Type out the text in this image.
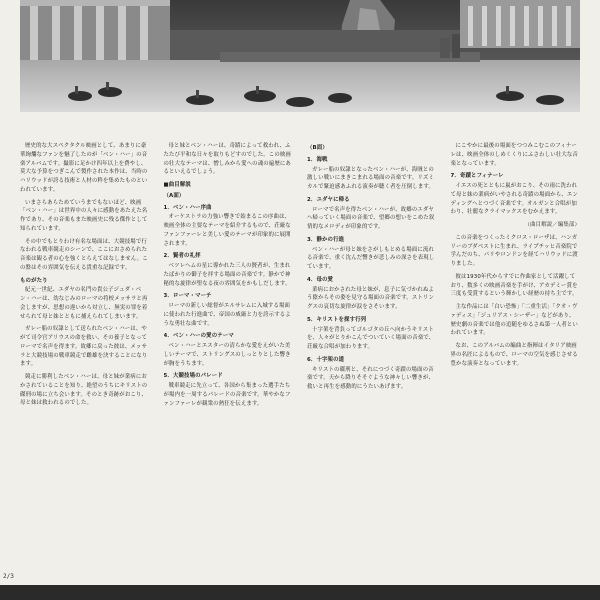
歴史的な大スペクタクル映画として、あまりに豪華絢爛なファンを魅了したのが「ベン・ハー」の音楽アルバムです。撮影に足かけ四年以上を費やし、莫大な予算をつぎこんで製作された本作は、当時のハリウッドが誇る技術と人材の粋を集めたものといわれています。

いまさらあらためていうまでもないほど、映画「ベン・ハー」は世界中の人々に感動をあたえた名作であり、その音楽もまた映画史に残る傑作として知られています。

その中でもとりわけ有名な場面は、大競技場で行なわれる戦車競走のシーンで、ここにおさめられた音楽は観る者の心を強くとらえてはなしません。この盤はその雰囲気を伝える貴重な記録です。

ものがたり

紀元一世紀、ユダヤの名門の貴公子ジュダ・ベン・ハーは、幼なじみのローマの将校メッサラと再会しますが、思想の違いから対立し、無実の罪を着せられて母と妹とともに捕えられてしまいます。

ガレー船の奴隷として送られたベン・ハーは、やがて司令官アリウスの命を救い、その養子となってローマで名声を得ます。故郷に戻った彼は、メッサラと大競技場の戦車競走で雌雄を決することになります。

競走に勝利したベン・ハーは、母と妹が業病におかされていることを知り、絶望のうちにキリストの磔刑の場に立ち会います。そのとき奇跡がおこり、母と妹は救われるのでした。

母と妹とベン・ハーは、奇蹟によって救われ、ふたたび平和な日々を取りもどすのでした。この映画の壮大なテーマは、憎しみから愛への魂の遍歴にあるといえるでしょう。

■曲目解説

（A面）

1．ベン・ハー序曲

オーケストラの力強い響きで始まるこの序曲は、映画全体の主要なテーマを紹介するもので、荘厳なファンファーレと美しい愛のテーマが印象的に展開されます。

2．賢者の礼拝

ベツレヘムの星に導かれた三人の賢者が、生まれたばかりの御子を拝する場面の音楽です。静かで神秘的な旋律が聖なる夜の雰囲気をかもしだします。

3．ローマ・マーチ

ローマの新しい総督がエルサレムに入城する場面に使われた行進曲で、帝国の威厳と力を誇示するような勇壮な曲です。

4．ベン・ハーの愛のテーマ

ベン・ハーとエスターの清らかな愛をえがいた美しいテーマで、ストリングスのしっとりとした響きが胸をうちます。

5．大競技場のパレード

戦車競走に先立って、各国から集まった選手たちが場内を一周するパレードの音楽です。華やかなファンファーレが観衆の熱狂を伝えます。

（B面）

1．海戦

ガレー船の奴隷となったベン・ハーが、海賊との激しい戦いにまきこまれる場面の音楽です。リズミカルで緊迫感あふれる演奏が聴く者を圧倒します。

2．ユダヤに帰る

ローマで名声を得たベン・ハーが、故郷のユダヤへ帰っていく場面の音楽で、望郷の想いをこめた叙情的なメロディが印象的です。

3．静かの行進

ベン・ハーが母と妹をさがしもとめる場面に流れる音楽で、重く沈んだ響きが悲しみの深さを表現しています。

4．母の愛

業病におかされた母と妹が、息子に気づかれぬよう陰からその姿を見守る場面の音楽です。ストリングスの哀切な旋律が涙をさそいます。

5．キリストを探す行列

十字架を背負ってゴルゴタの丘へ向かうキリストを、人々がとりかこんでついていく場面の音楽で、荘厳な合唱が加わります。

6．十字架の道

キリストの磔刑と、それにつづく奇蹟の場面の音楽です。天から降りそそぐような神々しい響きが、救いと再生を感動的にうたいあげます。

にこやかに最後の場面をつつみこむこのフィナーレは、映画全体のしめくくりにふさわしい壮大な音楽となっています。

7．奇蹟とフィナーレ

イエスの死とともに嵐がおこり、その雨に洗われて母と妹の業病がいやされる奇蹟の場面から、エンディングへとつづく音楽です。オルガンと合唱が加わり、壮麗なクライマックスをむかえます。

（曲目解説／編集部）

この音楽をつくったミクロス・ローザは、ハンガリーのブダペストに生まれ、ライプチッヒ音楽院で学んだのち、パリやロンドンを経てハリウッドに渡りました。

彼は1930年代からすでに作曲家として活躍しており、数多くの映画音楽を手がけ、アカデミー賞を三度も受賞するという輝かしい経歴の持ち主です。

主な作品には「白い恐怖」「二重生活」「クオ・ヴァディス」「ジュリアス・シーザー」などがあり、歴史劇の音楽では他の追随をゆるさぬ第一人者といわれています。

なお、このアルバムの編曲と指揮はイタリア映画界の名匠によるもので、ローマの空気を感じさせる豊かな演奏となっています。

2/3
